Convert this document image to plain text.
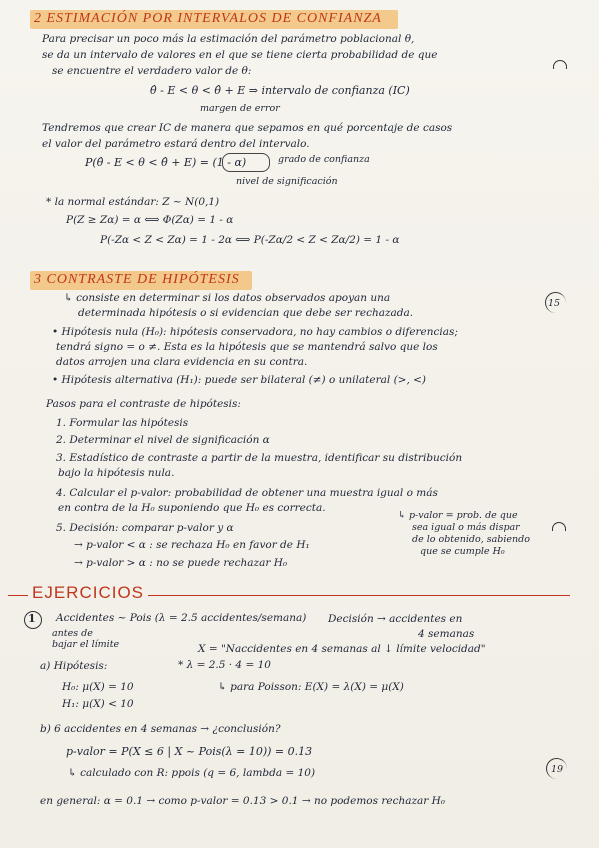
2 ESTIMACIÓN POR INTERVALOS DE CONFIANZA
Para precisar un poco más la estimación del parámetro poblacional θ,
se da un intervalo de valores en el que se tiene cierta probabilidad de que
se encuentre el verdadero valor de θ:
θ̂ - E < θ < θ̂ + E ⇒ intervalo de confianza (IC)
margen de error
Tendremos que crear IC de manera que sepamos en qué porcentaje de casos
el valor del parámetro estará dentro del intervalo.
P(θ̂ - E < θ < θ̂ + E) = (1 - α)	grado de confianza
nivel de significación
* la normal estándar: Z ~ N(0,1)
P(Z ≥ Zα) = α ⟺ Φ(Zα) = 1 - α
P(-Zα < Z < Zα) = 1 - 2α ⟺ P(-Zα/2 < Z < Zα/2) = 1 - α
3 CONTRASTE DE HIPÓTESIS
↳ consiste en determinar si los datos observados apoyan una
determinada hipótesis o si evidencian que debe ser rechazada.
15
• Hipótesis nula (H₀): hipótesis conservadora, no hay cambios o diferencias;
tendrá signo = o ≠. Esta es la hipótesis que se mantendrá salvo que los
datos arrojen una clara evidencia en su contra.
• Hipótesis alternativa (H₁): puede ser bilateral (≠) o unilateral (>, <)
Pasos para el contraste de hipótesis:
1. Formular las hipótesis
2. Determinar el nivel de significación α
3. Estadístico de contraste a partir de la muestra, identificar su distribución
bajo la hipótesis nula.
4. Calcular el p-valor: probabilidad de obtener una muestra igual o más
en contra de la H₀ suponiendo que H₀ es correcta.
5. Decisión: comparar p-valor y α
→ p-valor < α : se rechaza H₀ en favor de H₁
→ p-valor > α : no se puede rechazar H₀
↳ p-valor = prob. de que
sea igual o más dispar
de lo obtenido, sabiendo
que se cumple H₀
EJERCICIOS
1 Accidentes ~ Pois (λ = 2.5 accidentes/semana)
antes de
bajar el límite
Decisión → accidentes en
4 semanas
X = "Naccidentes en 4 semanas al ↓ límite velocidad"
a) Hipótesis:	* λ = 2.5 · 4 = 10
H₀: μ(X) = 10	↳ para Poisson: E(X) = λ(X) = μ(X)
H₁: μ(X) < 10
b) 6 accidentes en 4 semanas → ¿conclusión?
p-valor = P(X ≤ 6 | X ~ Pois(λ = 10)) = 0.13
↳ calculado con R: ppois (q = 6, lambda = 10)	19
en general: α = 0.1 → como p-valor = 0.13 > 0.1 → no podemos rechazar H₀
